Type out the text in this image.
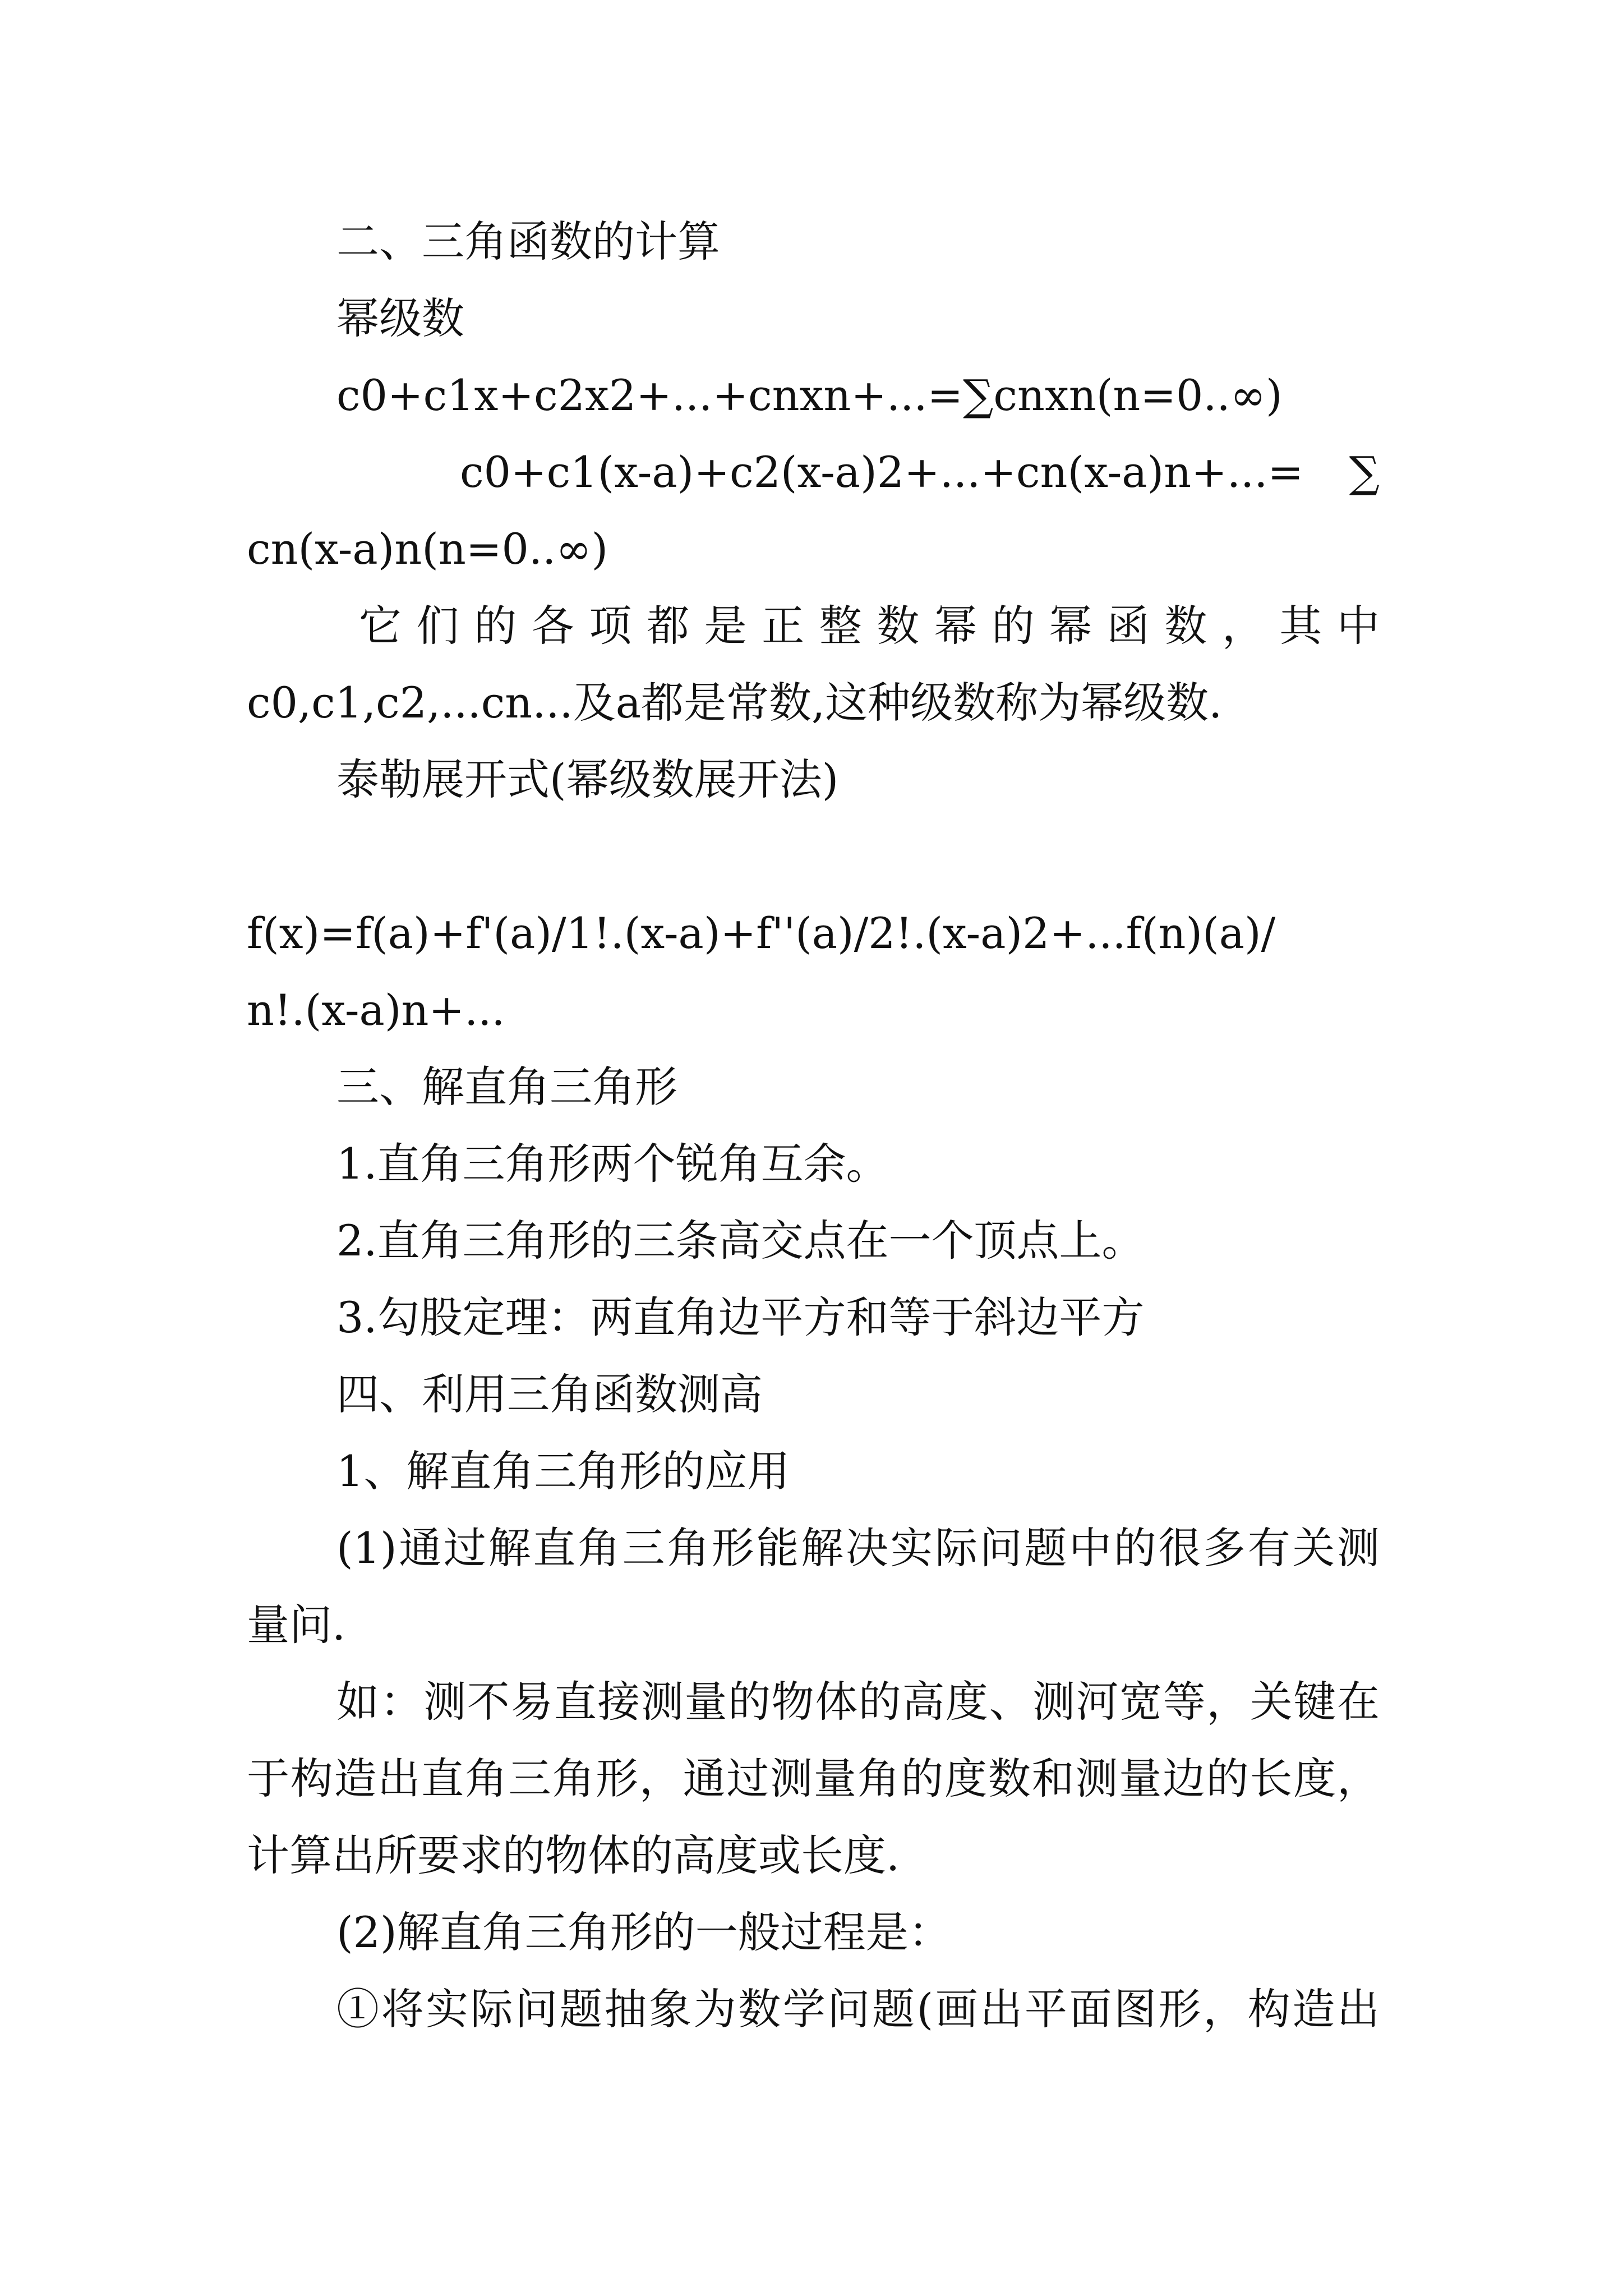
二、三角函数的计算
幂级数
c0+c1x+c2x2+...+cnxn+...=∑cnxn(n=0..∞)
c0+c1(x-a)+c2(x-a)2+...+cn(x-a)n+...= ∑
cn(x-a)n(n=0..∞)
它们的各项都是正整数幂的幂函数，其中
c0,c1,c2,...cn...及a都是常数,这种级数称为幂级数.
泰勒展开式(幂级数展开法)
f(x)=f(a)+f'(a)/1!.(x-a)+f''(a)/2!.(x-a)2+...f(n)(a)/
n!.(x-a)n+...
三、解直角三角形
1.直角三角形两个锐角互余。
2.直角三角形的三条高交点在一个顶点上。
3.勾股定理：两直角边平方和等于斜边平方
四、利用三角函数测高
1、解直角三角形的应用
(1)通过解直角三角形能解决实际问题中的很多有关测
量问.
如：测不易直接测量的物体的高度、测河宽等，关键在
于构造出直角三角形，通过测量角的度数和测量边的长度，
计算出所要求的物体的高度或长度.
(2)解直角三角形的一般过程是：
①将实际问题抽象为数学问题(画出平面图形，构造出
